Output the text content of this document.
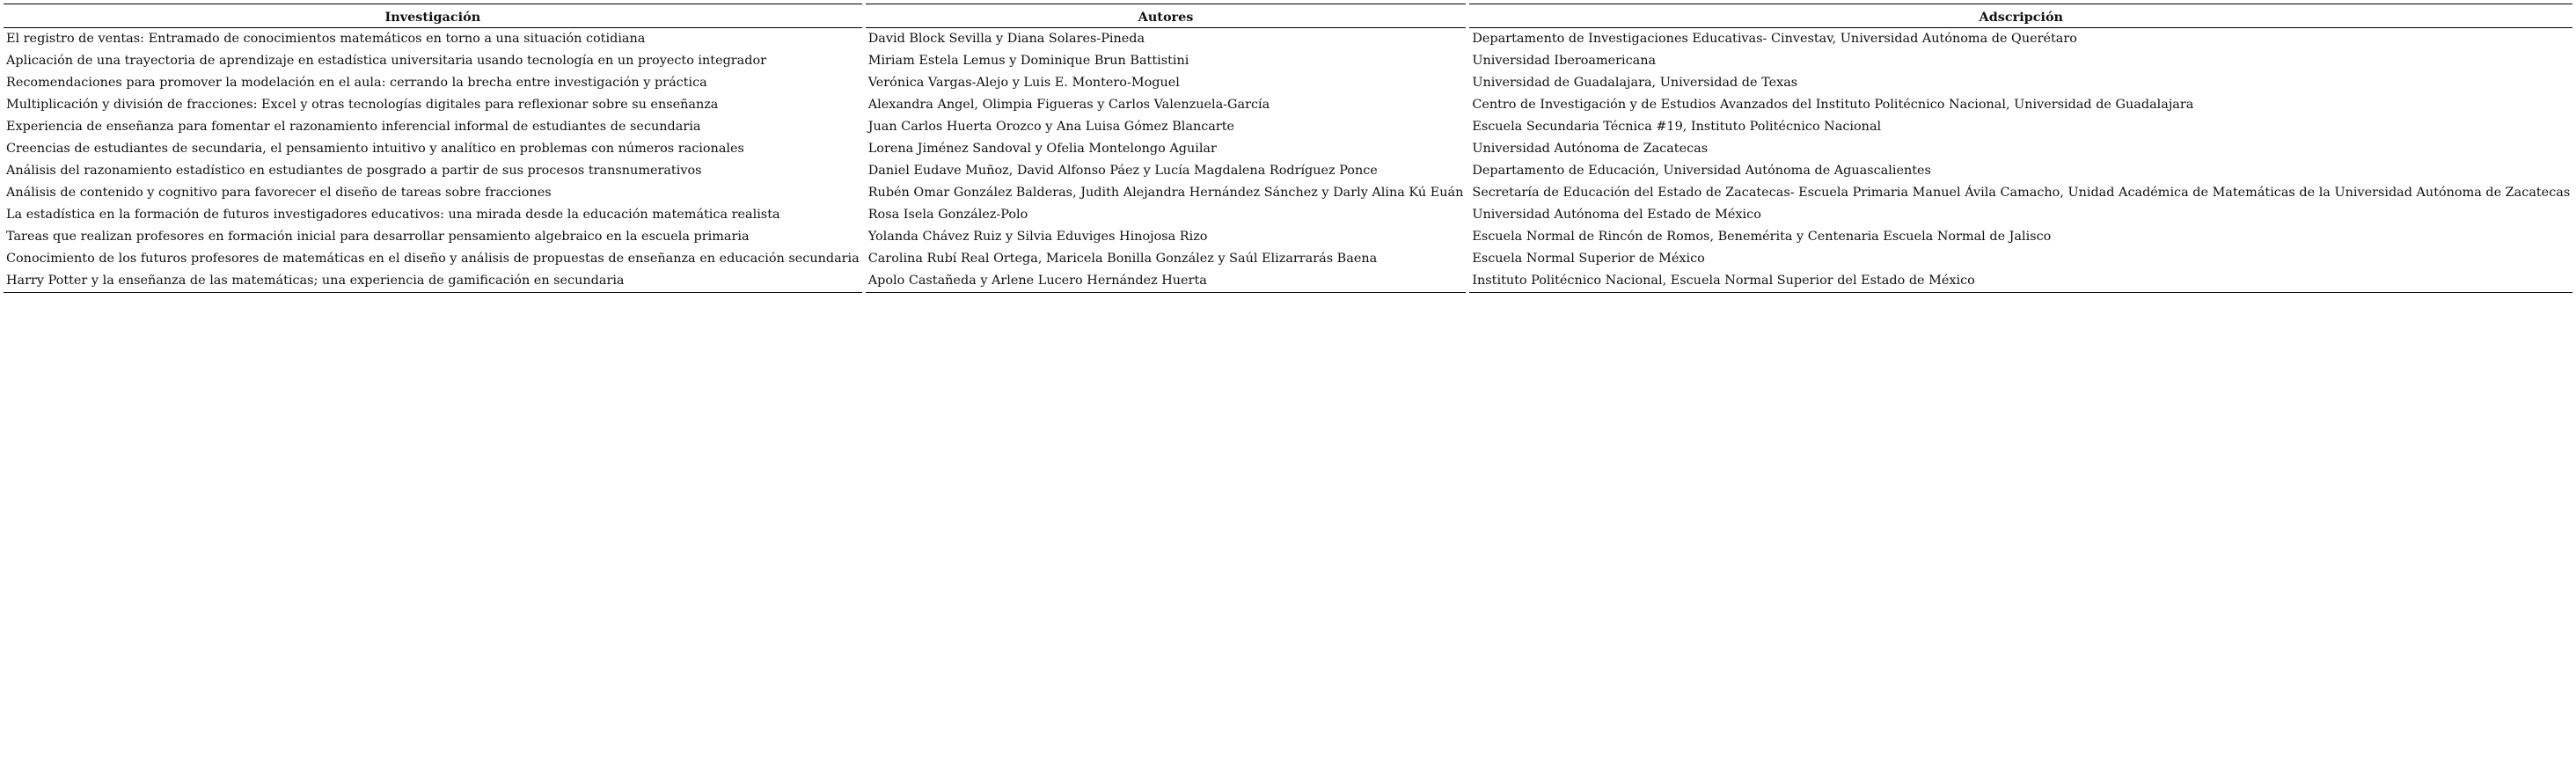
Investigación	Autores	Adscripción
El registro de ventas: Entramado de conocimientos matemáticos en torno a una situación cotidiana	David Block Sevilla y Diana Solares-Pineda	Departamento de Investigaciones Educativas- Cinvestav, Universidad Autónoma de Querétaro
Aplicación de una trayectoria de aprendizaje en estadística universitaria usando tecnología en un proyecto integrador	Miriam Estela Lemus y Dominique Brun Battistini	Universidad Iberoamericana
Recomendaciones para promover la modelación en el aula: cerrando la brecha entre investigación y práctica	Verónica Vargas-Alejo y Luis E. Montero-Moguel	Universidad de Guadalajara, Universidad de Texas
Multiplicación y división de fracciones: Excel y otras tecnologías digitales para reflexionar sobre su enseñanza	Alexandra Angel, Olimpia Figueras y Carlos Valenzuela-García	Centro de Investigación y de Estudios Avanzados del Instituto Politécnico Nacional, Universidad de Guadalajara
Experiencia de enseñanza para fomentar el razonamiento inferencial informal de estudiantes de secundaria	Juan Carlos Huerta Orozco y Ana Luisa Gómez Blancarte	Escuela Secundaria Técnica #19, Instituto Politécnico Nacional
Creencias de estudiantes de secundaria, el pensamiento intuitivo y analítico en problemas con números racionales	Lorena Jiménez Sandoval y Ofelia Montelongo Aguilar	Universidad Autónoma de Zacatecas
Análisis del razonamiento estadístico en estudiantes de posgrado a partir de sus procesos transnumerativos	Daniel Eudave Muñoz, David Alfonso Páez y Lucía Magdalena Rodríguez Ponce	Departamento de Educación, Universidad Autónoma de Aguascalientes
Análisis de contenido y cognitivo para favorecer el diseño de tareas sobre fracciones	Rubén Omar González Balderas, Judith Alejandra Hernández Sánchez y Darly Alina Kú Euán	Secretaría de Educación del Estado de Zacatecas- Escuela Primaria Manuel Ávila Camacho, Unidad Académica de Matemáticas de la Universidad Autónoma de Zacatecas
La estadística en la formación de futuros investigadores educativos: una mirada desde la educación matemática realista	Rosa Isela González-Polo	Universidad Autónoma del Estado de México
Tareas que realizan profesores en formación inicial para desarrollar pensamiento algebraico en la escuela primaria	Yolanda Chávez Ruiz y Silvia Eduviges Hinojosa Rizo	Escuela Normal de Rincón de Romos, Benemérita y Centenaria Escuela Normal de Jalisco
Conocimiento de los futuros profesores de matemáticas en el diseño y análisis de propuestas de enseñanza en educación secundaria	Carolina Rubí Real Ortega, Maricela Bonilla González y Saúl Elizarrarás Baena	Escuela Normal Superior de México
Harry Potter y la enseñanza de las matemáticas; una experiencia de gamificación en secundaria	Apolo Castañeda y Arlene Lucero Hernández Huerta	Instituto Politécnico Nacional, Escuela Normal Superior del Estado de México
